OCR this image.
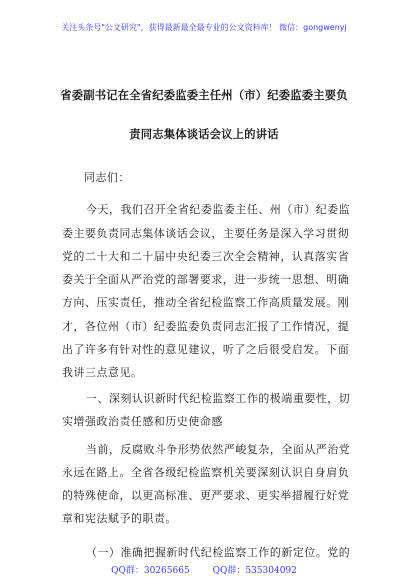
关注头条号"公文研究"，获得最新最全最专业的公文资料库！ 微信：gongwenyj
省委副书记在全省纪委监委主任州（市）纪委监委主要负
责同志集体谈话会议上的讲话
同志们：
今天，我们召开全省纪委监委主任、州（市）纪委监
委主要负责同志集体谈话会议，主要任务是深入学习贯彻
党的二十大和二十届中央纪委三次全会精神，认真落实省
委关于全面从严治党的部署要求，进一步统一思想、明确
方向、压实责任，推动全省纪检监察工作高质量发展。刚
才，各位州（市）纪委监委负责同志汇报了工作情况，提
出了许多有针对性的意见建议，听了之后很受启发。下面
我讲三点意见。
一、深刻认识新时代纪检监察工作的极端重要性，切
实增强政治责任感和历史使命感
当前，反腐败斗争形势依然严峻复杂，全面从严治党
永远在路上。全省各级纪检监察机关要深刻认识自身肩负
的特殊使命，以更高标准、更严要求、更实举措履行好党
章和宪法赋予的职责。
（一）准确把握新时代纪检监察工作的新定位。党的
QQ群：30265665	QQ群：535304092
